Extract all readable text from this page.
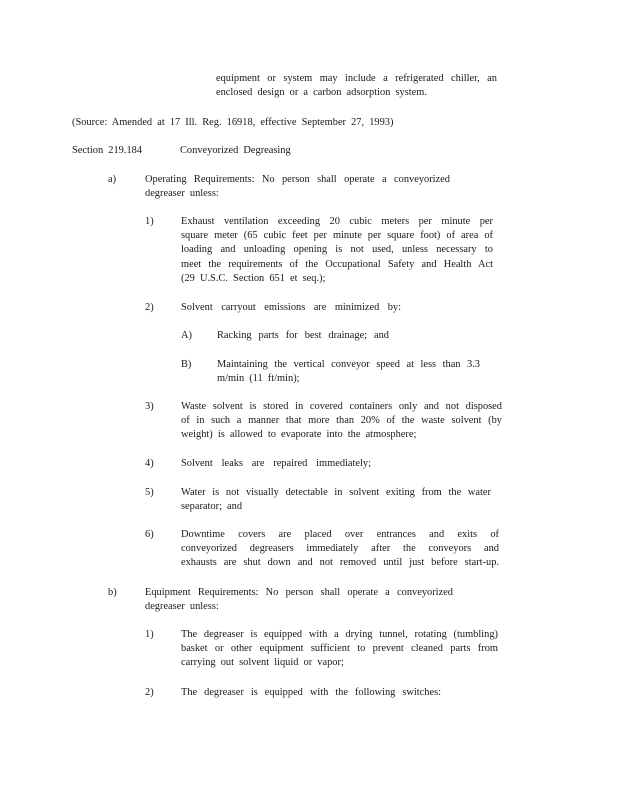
equipment or system may include a refrigerated chiller, an
enclosed design or a carbon adsorption system.
(Source: Amended at 17 Ill. Reg. 16918, effective September 27, 1993)
Section 219.184	Conveyorized Degreasing
a)	Operating Requirements: No person shall operate a conveyorized
degreaser unless:
1)	Exhaust ventilation exceeding 20 cubic meters per minute per
square meter (65 cubic feet per minute per square foot) of area of
loading and unloading opening is not used, unless necessary to
meet the requirements of the Occupational Safety and Health Act
(29 U.S.C. Section 651 et seq.);
2)	Solvent carryout emissions are minimized by:
A) Racking parts for best drainage; and
B) Maintaining the vertical conveyor speed at less than 3.3
m/min (11 ft/min);
3)	Waste solvent is stored in covered containers only and not disposed
of in such a manner that more than 20% of the waste solvent (by
weight) is allowed to evaporate into the atmosphere;
4)	Solvent leaks are repaired immediately;
5)	Water is not visually detectable in solvent exiting from the water
separator; and
6)	Downtime covers are placed over entrances and exits of
conveyorized degreasers immediately after the conveyors and
exhausts are shut down and not removed until just before start-up.
b)	Equipment Requirements: No person shall operate a conveyorized
degreaser unless:
1)	The degreaser is equipped with a drying tunnel, rotating (tumbling)
basket or other equipment sufficient to prevent cleaned parts from
carrying out solvent liquid or vapor;
2)	The degreaser is equipped with the following switches:
